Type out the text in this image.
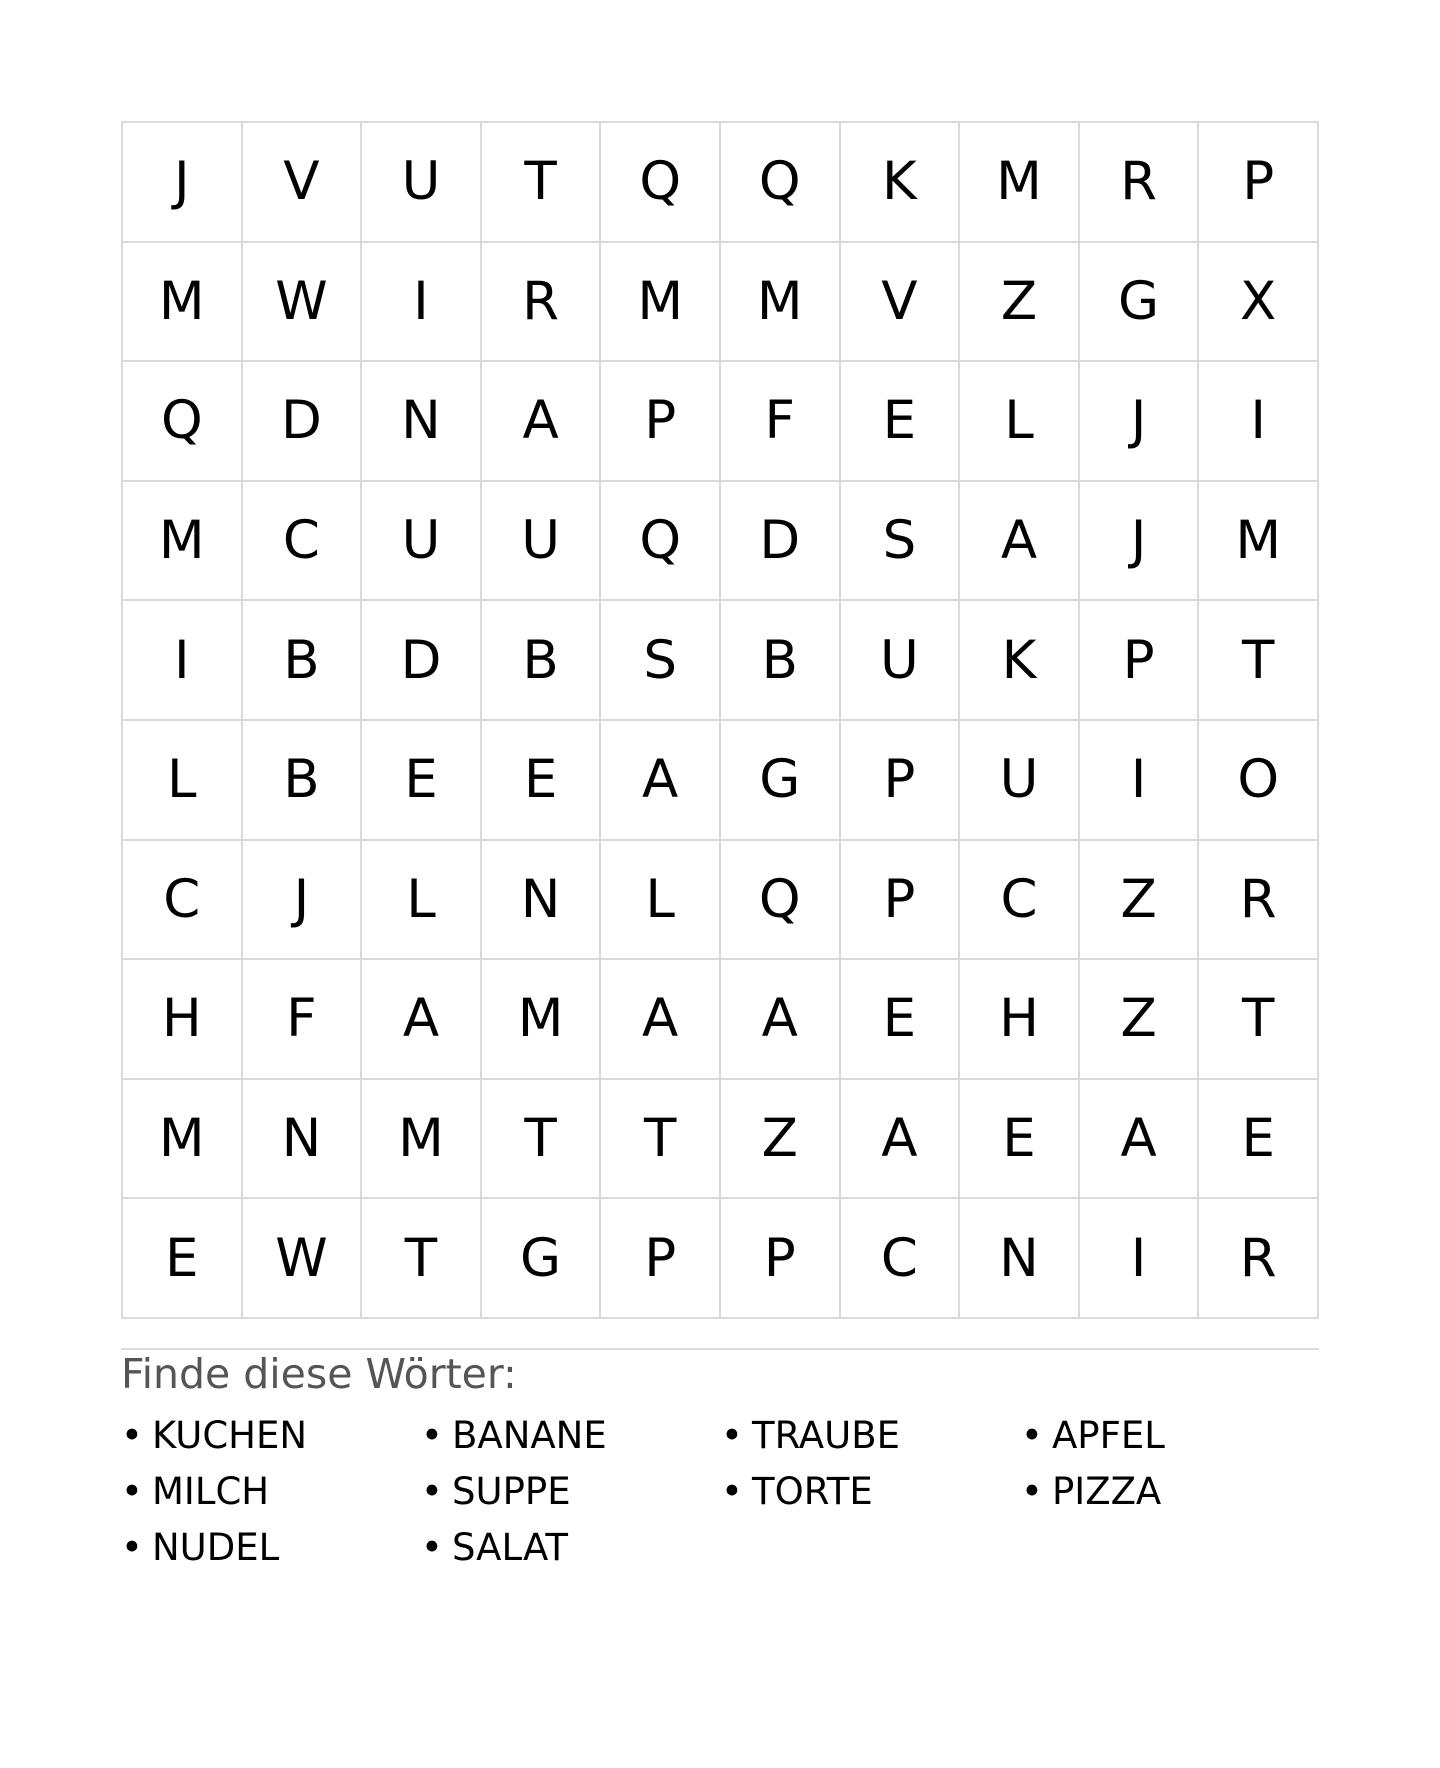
J	V	U	T	Q	Q	K	M	R	P
M	W	I	R	M	M	V	Z	G	X
Q	D	N	A	P	F	E	L	J	I
M	C	U	U	Q	D	S	A	J	M
I	B	D	B	S	B	U	K	P	T
L	B	E	E	A	G	P	U	I	O
C	J	L	N	L	Q	P	C	Z	R
H	F	A	M	A	A	E	H	Z	T
M	N	M	T	T	Z	A	E	A	E
E	W	T	G	P	P	C	N	I	R
Finde diese Wörter:
• KUCHEN	• BANANE	• TRAUBE	• APFEL
• MILCH	• SUPPE	• TORTE	• PIZZA
• NUDEL	• SALAT
